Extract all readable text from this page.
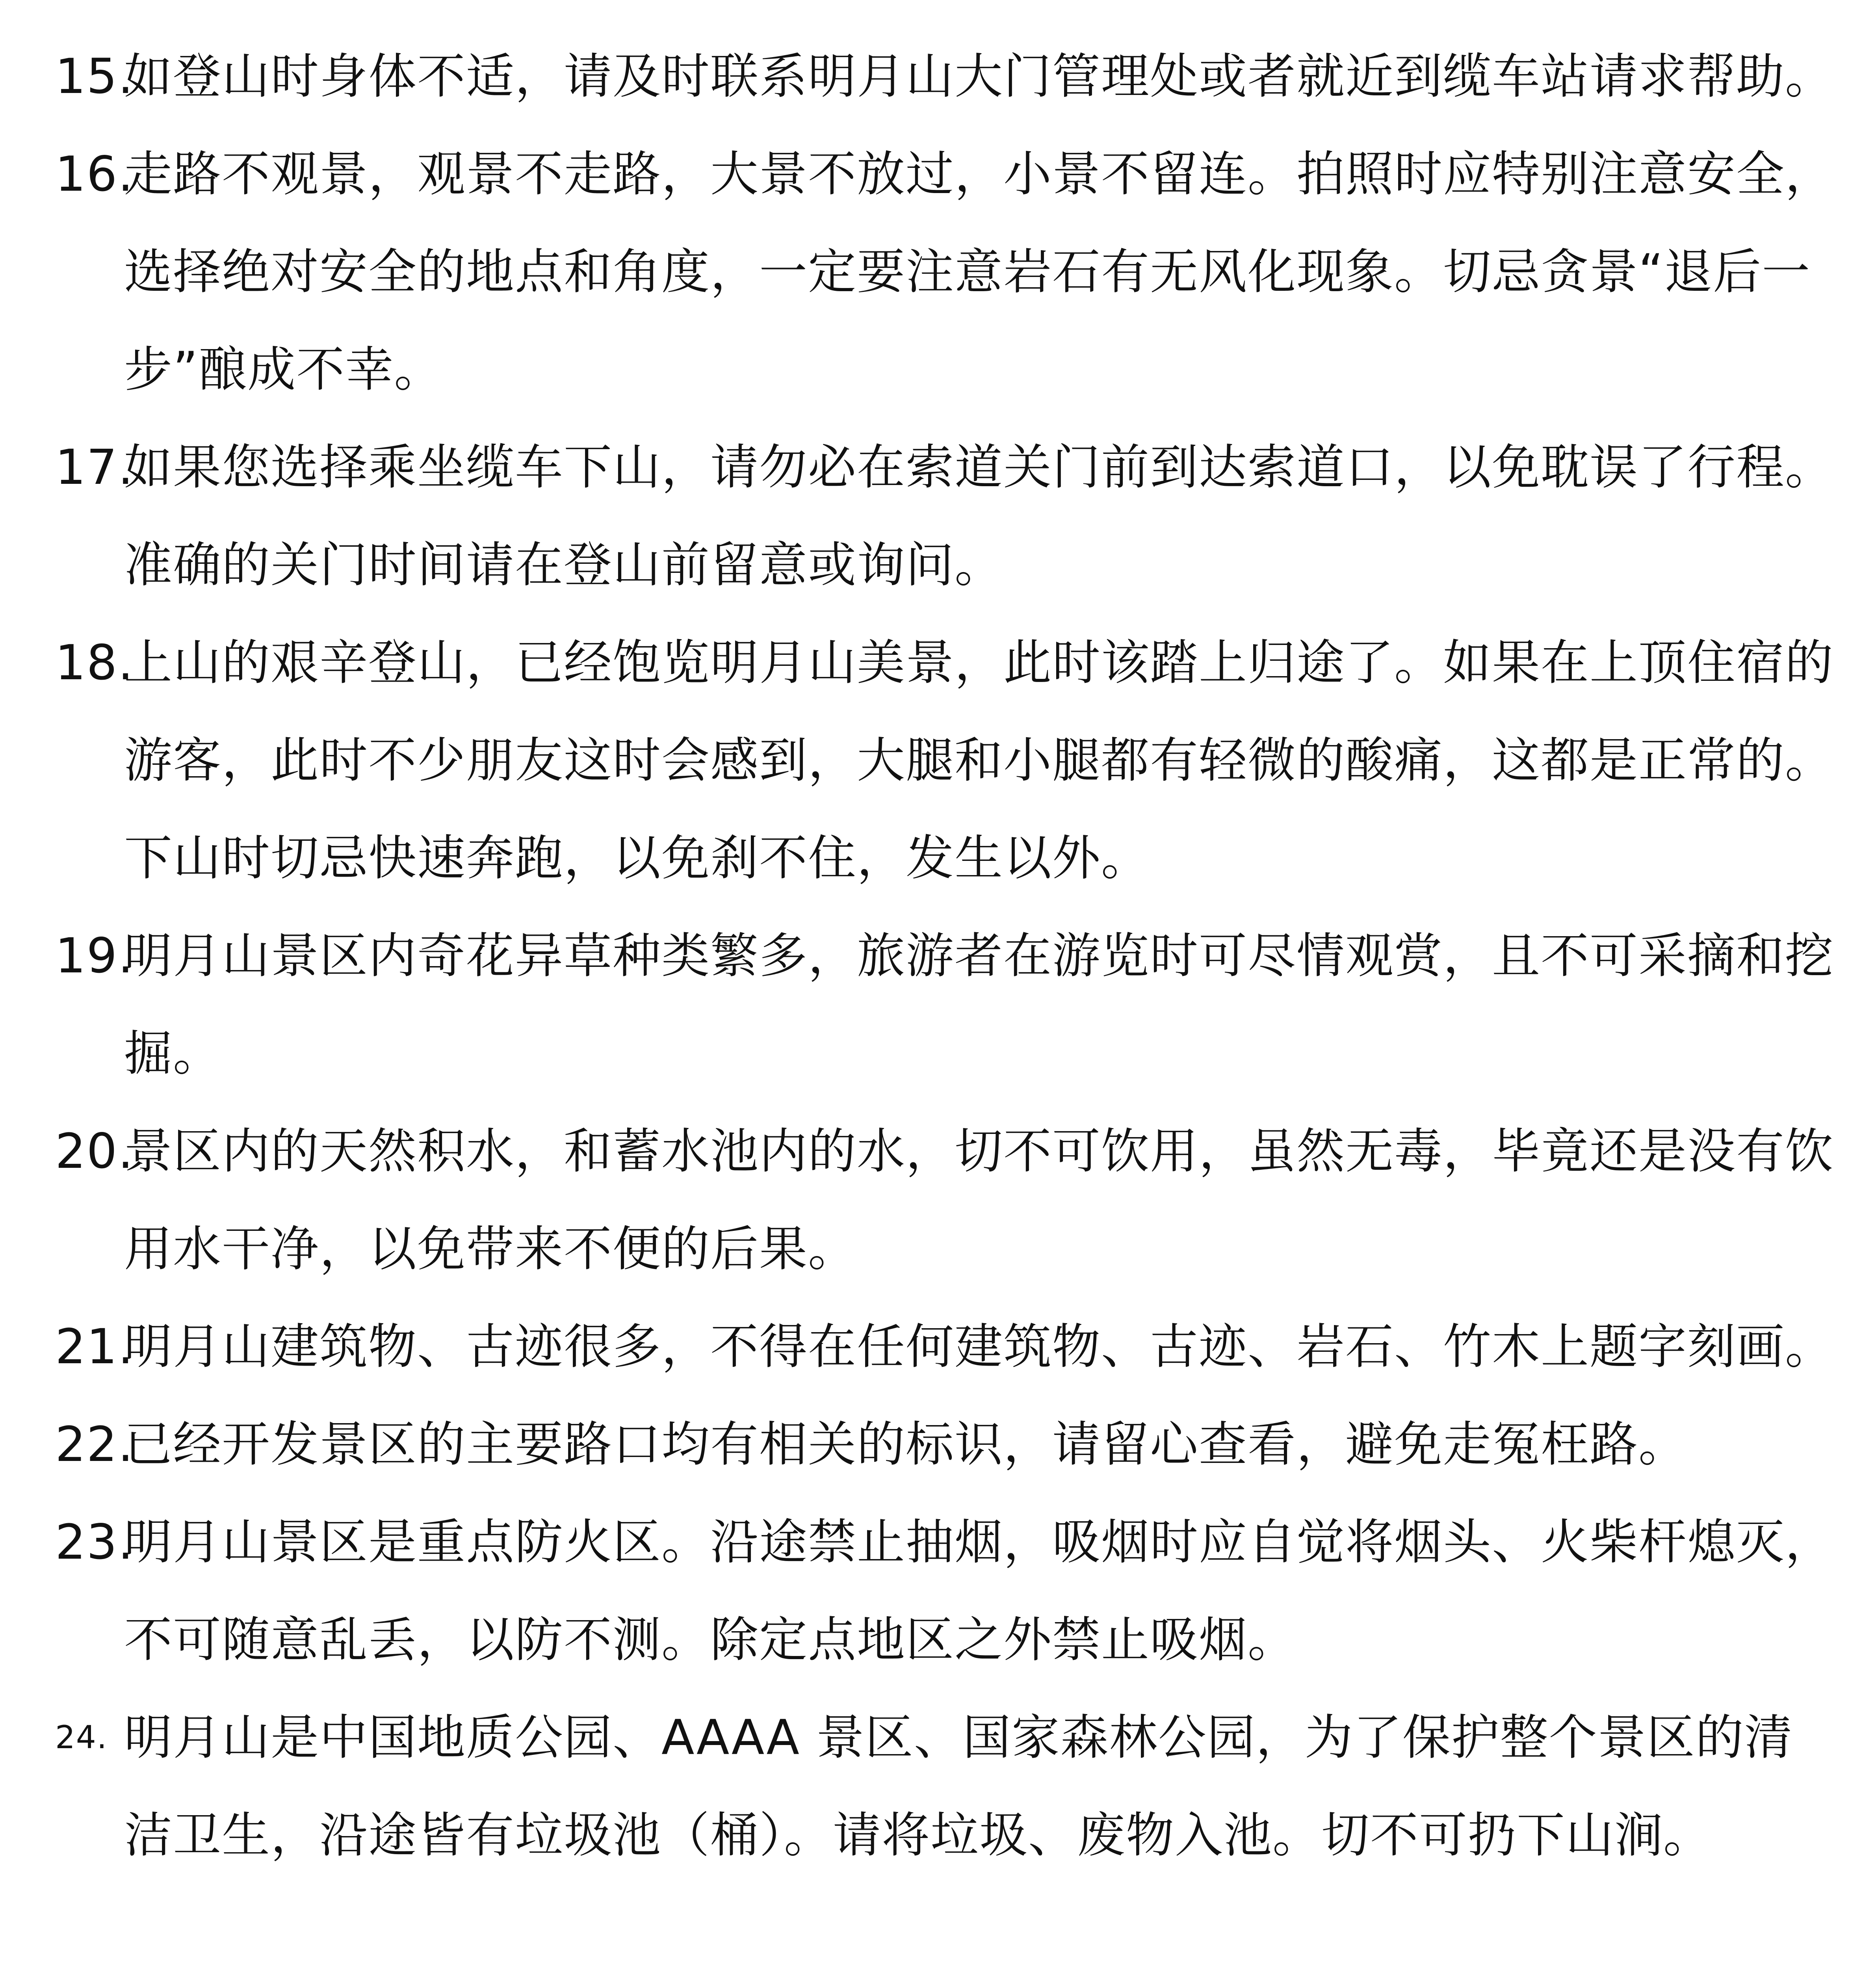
15.
如登山时身体不适，请及时联系明月山大门管理处或者就近到缆车站请求帮助。
16.
走路不观景，观景不走路，大景不放过，小景不留连。拍照时应特别注意安全，选择绝对安全的地点和角度，一定要注意岩石有无风化现象。切忌贪景“退后一步”酿成不幸。
17.
如果您选择乘坐缆车下山，请勿必在索道关门前到达索道口，以免耽误了行程。准确的关门时间请在登山前留意或询问。
18.
上山的艰辛登山，已经饱览明月山美景，此时该踏上归途了。如果在上顶住宿的游客，此时不少朋友这时会感到，大腿和小腿都有轻微的酸痛，这都是正常的。下山时切忌快速奔跑，以免刹不住，发生以外。
19.
明月山景区内奇花异草种类繁多，旅游者在游览时可尽情观赏，且不可采摘和挖掘。
20.
景区内的天然积水，和蓄水池内的水，切不可饮用，虽然无毒，毕竟还是没有饮用水干净，以免带来不便的后果。
21.
明月山建筑物、古迹很多，不得在任何建筑物、古迹、岩石、竹木上题字刻画。
22.
已经开发景区的主要路口均有相关的标识，请留心查看，避免走冤枉路。
23.
明月山景区是重点防火区。沿途禁止抽烟，吸烟时应自觉将烟头、火柴杆熄灭，不可随意乱丢，以防不测。除定点地区之外禁止吸烟。
24. 明月山是中国地质公园、AAAA 景区、国家森林公园，为了保护整个景区的清洁卫生，沿途皆有垃圾池（桶）。请将垃圾、废物入池。切不可扔下山涧。
